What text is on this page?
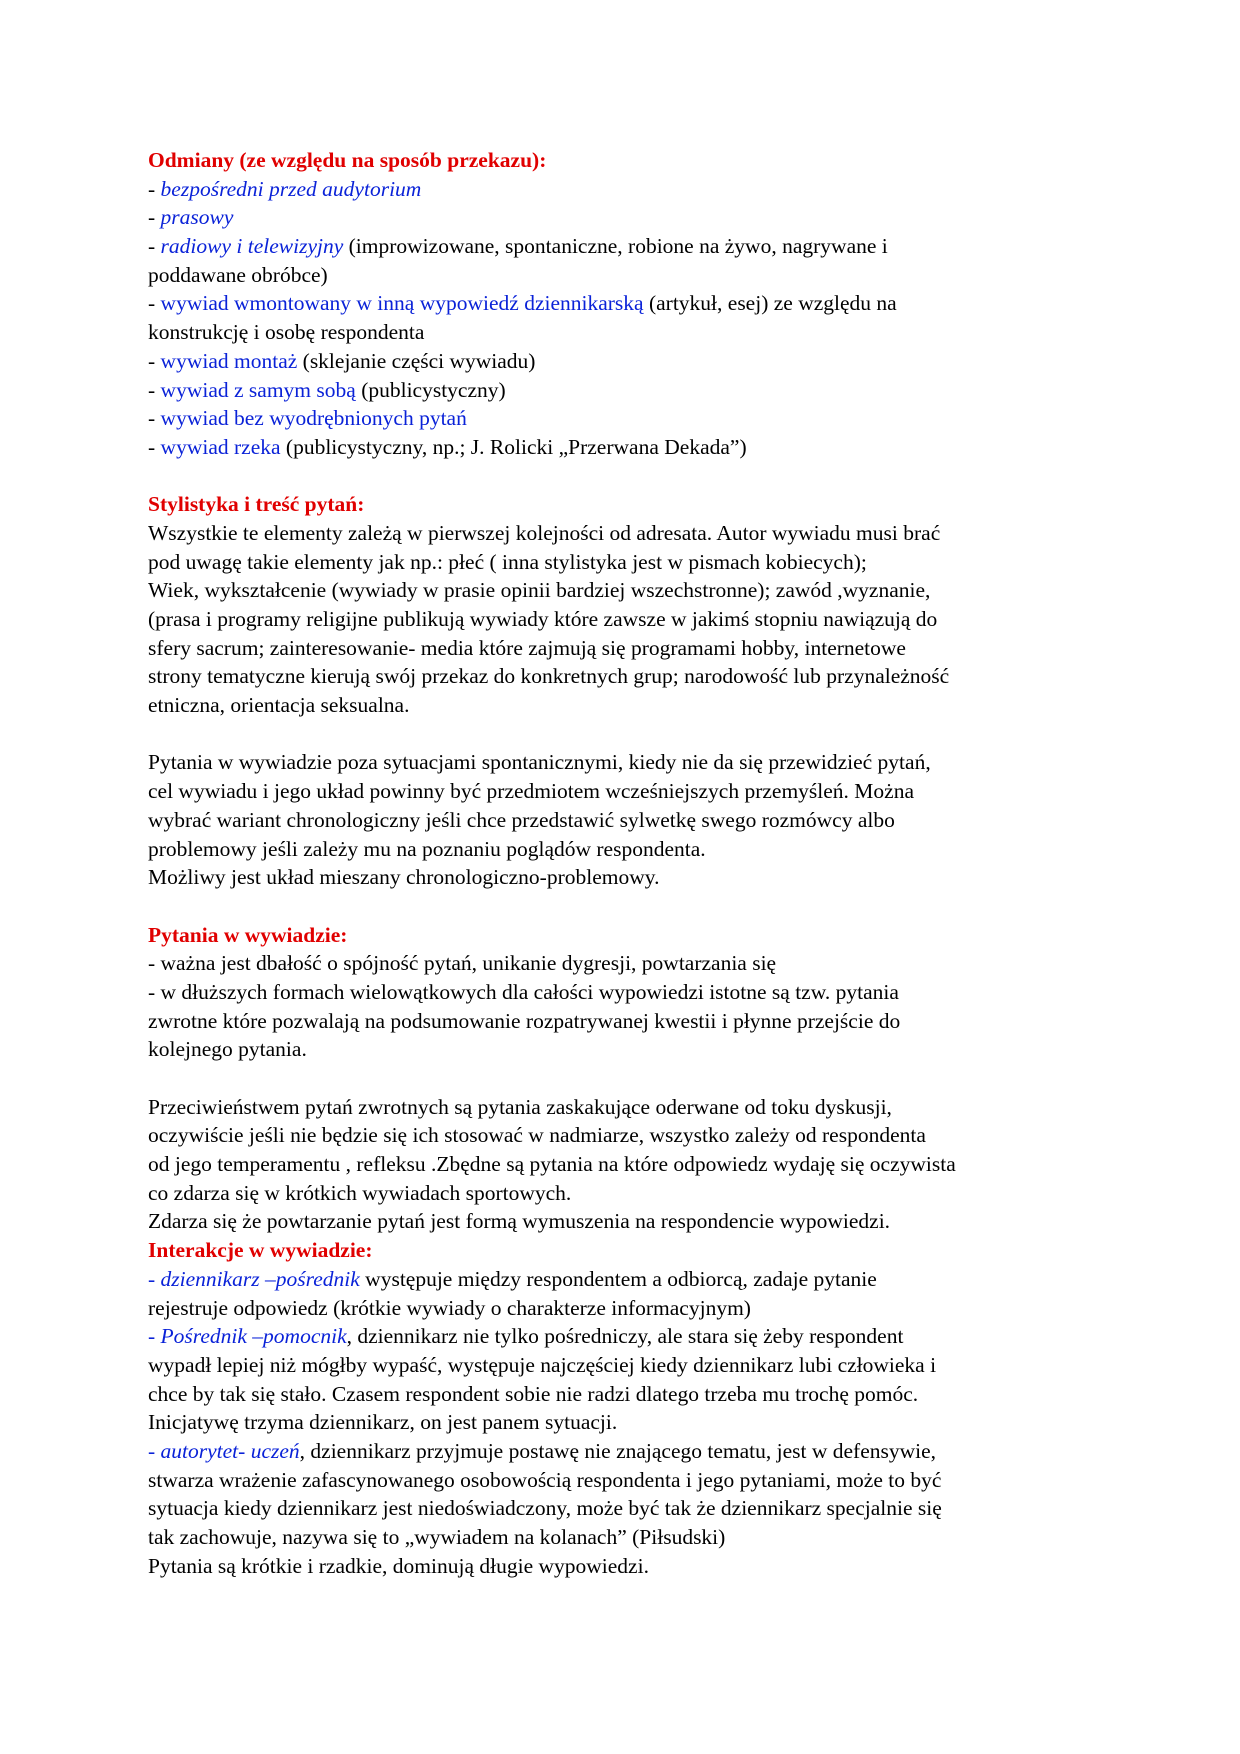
Odmiany (ze względu na sposób przekazu):
- bezpośredni przed audytorium
- prasowy
- radiowy i telewizyjny (improwizowane, spontaniczne, robione na żywo, nagrywane i
poddawane obróbce)
- wywiad wmontowany w inną wypowiedź dziennikarską (artykuł, esej) ze względu na
konstrukcję i osobę respondenta
- wywiad montaż (sklejanie części wywiadu)
- wywiad z samym sobą (publicystyczny)
- wywiad bez wyodrębnionych pytań
- wywiad rzeka (publicystyczny, np.; J. Rolicki „Przerwana Dekada”)
Stylistyka i treść pytań:
Wszystkie te elementy zależą w pierwszej kolejności od adresata. Autor wywiadu musi brać
pod uwagę takie elementy jak np.: płeć ( inna stylistyka jest w pismach kobiecych);
Wiek, wykształcenie (wywiady w prasie opinii bardziej wszechstronne); zawód ,wyznanie,
(prasa i programy religijne publikują wywiady które zawsze w jakimś stopniu nawiązują do
sfery sacrum; zainteresowanie- media które zajmują się programami hobby, internetowe
strony tematyczne kierują swój przekaz do konkretnych grup; narodowość lub przynależność
etniczna, orientacja seksualna.
Pytania w wywiadzie poza sytuacjami spontanicznymi, kiedy nie da się przewidzieć pytań,
cel wywiadu i jego układ powinny być przedmiotem wcześniejszych przemyśleń. Można
wybrać wariant chronologiczny jeśli chce przedstawić sylwetkę swego rozmówcy albo
problemowy jeśli zależy mu na poznaniu poglądów respondenta.
Możliwy jest układ mieszany chronologiczno-problemowy.
Pytania w wywiadzie:
- ważna jest dbałość o spójność pytań, unikanie dygresji, powtarzania się
- w dłuższych formach wielowątkowych dla całości wypowiedzi istotne są tzw. pytania
zwrotne które pozwalają na podsumowanie rozpatrywanej kwestii i płynne przejście do
kolejnego pytania.
Przeciwieństwem pytań zwrotnych są pytania zaskakujące oderwane od toku dyskusji,
oczywiście jeśli nie będzie się ich stosować w nadmiarze, wszystko zależy od respondenta
od jego temperamentu , refleksu .Zbędne są pytania na które odpowiedz wydaję się oczywista
co zdarza się w krótkich wywiadach sportowych.
Zdarza się że powtarzanie pytań jest formą wymuszenia na respondencie wypowiedzi.
Interakcje w wywiadzie:
- dziennikarz –pośrednik występuje między respondentem a odbiorcą, zadaje pytanie
rejestruje odpowiedz (krótkie wywiady o charakterze informacyjnym)
- Pośrednik –pomocnik, dziennikarz nie tylko pośredniczy, ale stara się żeby respondent
wypadł lepiej niż mógłby wypaść, występuje najczęściej kiedy dziennikarz lubi człowieka i
chce by tak się stało. Czasem respondent sobie nie radzi dlatego trzeba mu trochę pomóc.
Inicjatywę trzyma dziennikarz, on jest panem sytuacji.
- autorytet- uczeń, dziennikarz przyjmuje postawę nie znającego tematu, jest w defensywie,
stwarza wrażenie zafascynowanego osobowością respondenta i jego pytaniami, może to być
sytuacja kiedy dziennikarz jest niedoświadczony, może być tak że dziennikarz specjalnie się
tak zachowuje, nazywa się to „wywiadem na kolanach” (Piłsudski)
Pytania są krótkie i rzadkie, dominują długie wypowiedzi.
